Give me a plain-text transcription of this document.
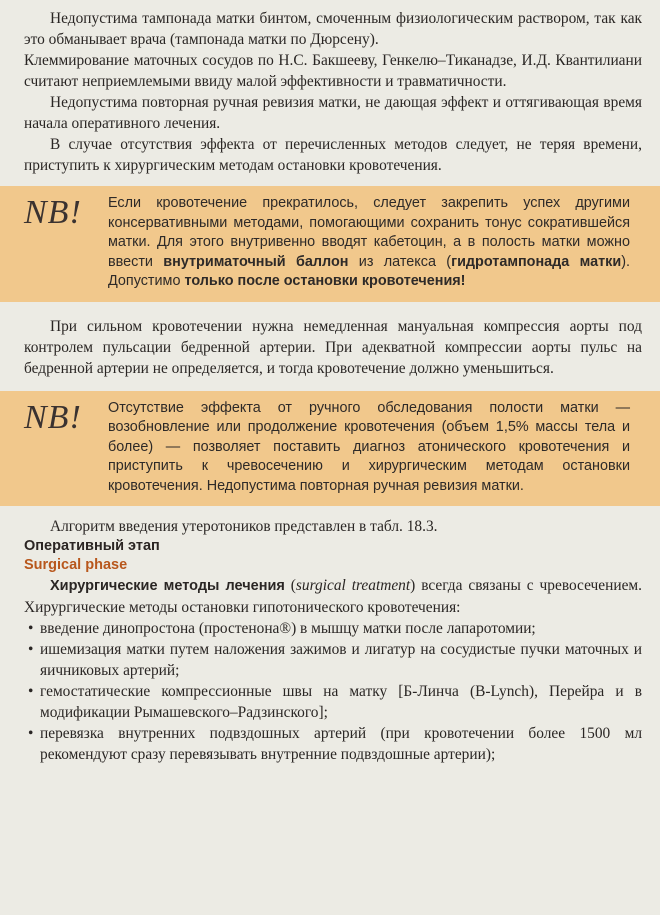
Недопустима тампонада матки бинтом, смоченным физиологическим раствором, так как это обманывает врача (тампонада матки по Дюрсену).

Клеммирование маточных сосудов по Н.С. Бакшееву, Генкелю–Тиканадзе, И.Д. Квантилиани считают неприемлемыми ввиду малой эффективности и травматичности.

Недопустима повторная ручная ревизия матки, не дающая эффект и оттягивающая время начала оперативного лечения.

В случае отсутствия эффекта от перечисленных методов следует, не теряя времени, приступить к хирургическим методам остановки кровотечения.

NB!	Если кровотечение прекратилось, следует закрепить успех другими консервативными методами, помогающими сохранить тонус сократившейся матки. Для этого внутривенно вводят кабетоцин, а в полость матки можно ввести внутриматочный баллон из латекса (гидротампонада матки). Допустимо только после остановки кровотечения!

При сильном кровотечении нужна немедленная мануальная компрессия аорты под контролем пульсации бедренной артерии. При адекватной компрессии аорты пульс на бедренной артерии не определяется, и тогда кровотечение должно уменьшиться.

NB!	Отсутствие эффекта от ручного обследования полости матки — возобновление или продолжение кровотечения (объем 1,5% массы тела и более) — позволяет поставить диагноз атонического кровотечения и приступить к чревосечению и хирургическим методам остановки кровотечения. Недопустима повторная ручная ревизия матки.

Алгоритм введения утеротоников представлен в табл. 18.3.

Оперативный этап
Surgical phase

Хирургические методы лечения (surgical treatment) всегда связаны с чревосечением. Хирургические методы остановки гипотонического кровотечения:

• введение динопростона (простенона®) в мышцу матки после лапаротомии;
• ишемизация матки путем наложения зажимов и лигатур на сосудистые пучки маточных и яичниковых артерий;
• гемостатические компрессионные швы на матку [Б-Линча (B-Lynch), Перейра и в модификации Рымашевского–Радзинского];
• перевязка внутренних подвздошных артерий (при кровотечении более 1500 мл рекомендуют сразу перевязывать внутренние подвздошные артерии);
